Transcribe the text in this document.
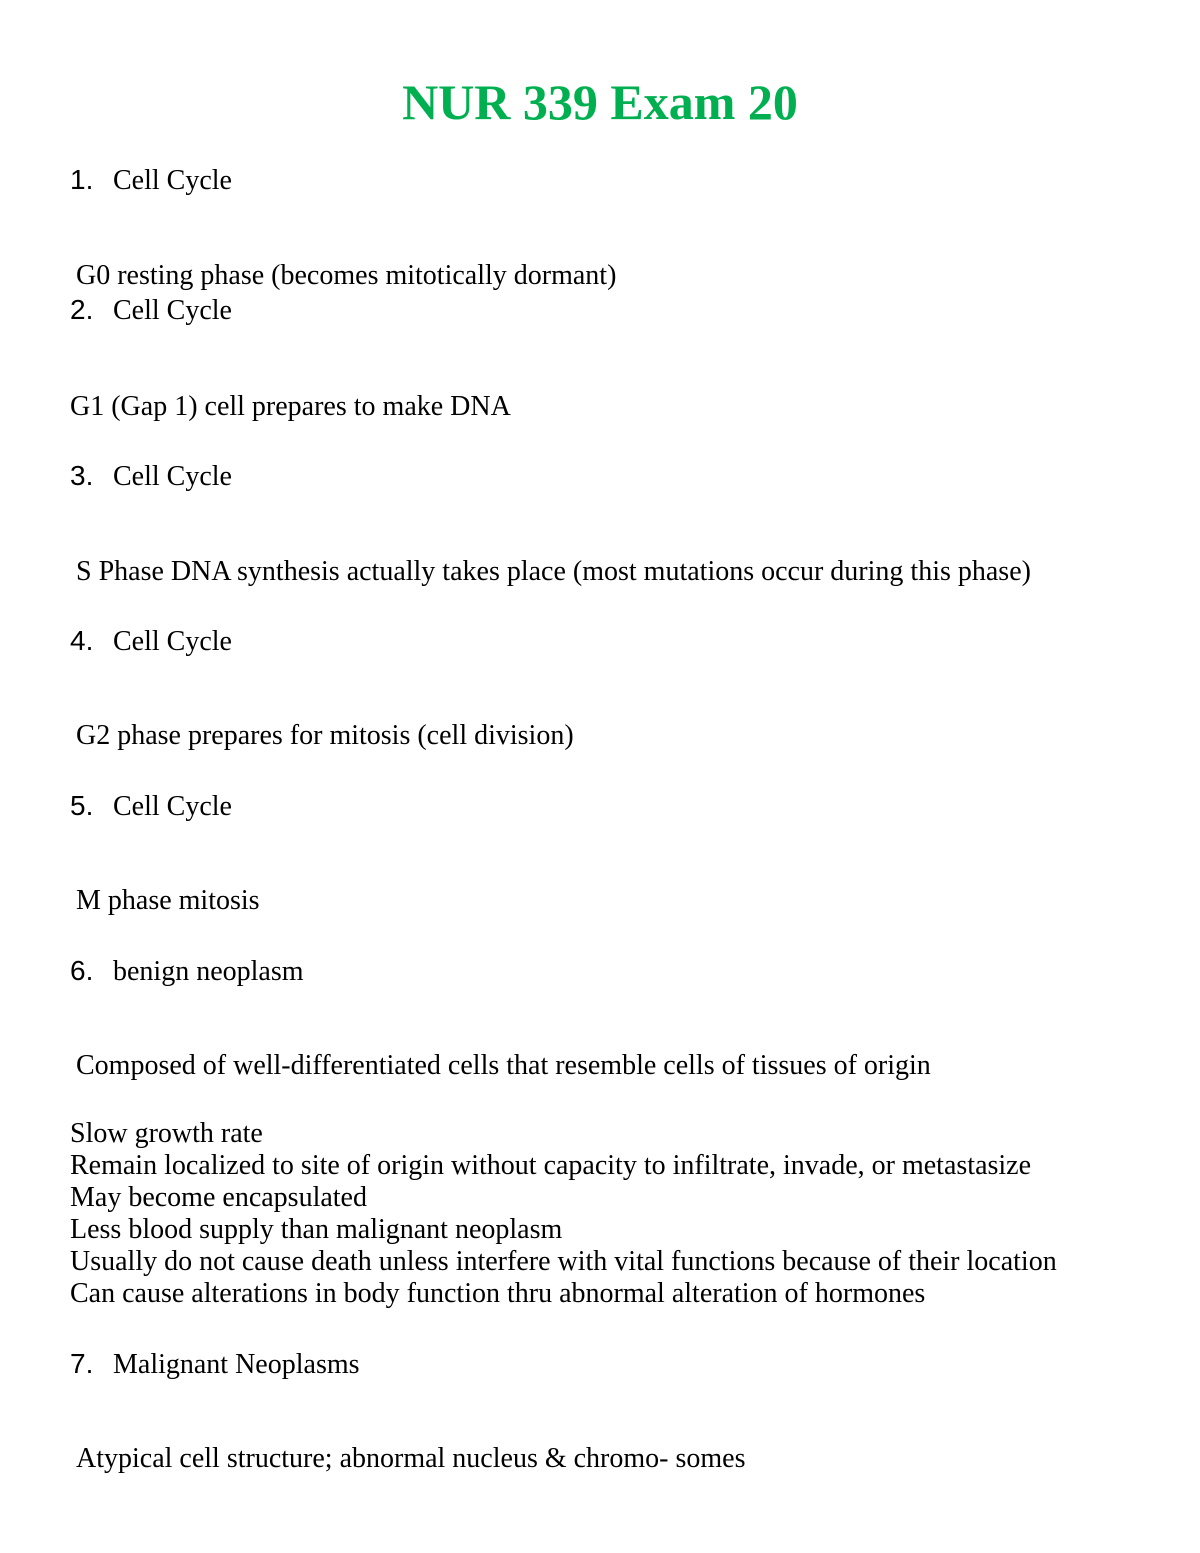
NUR 339 Exam 20
1. Cell Cycle
G0 resting phase (becomes mitotically dormant)
2. Cell Cycle
G1 (Gap 1) cell prepares to make DNA
3. Cell Cycle
S Phase DNA synthesis actually takes place (most mutations occur during this phase)
4. Cell Cycle
G2 phase prepares for mitosis (cell division)
5. Cell Cycle
M phase mitosis
6. benign neoplasm
Composed of well-differentiated cells that resemble cells of tissues of origin
Slow growth rate
Remain localized to site of origin without capacity to infiltrate, invade, or metastasize May become encapsulated
Less blood supply than malignant neoplasm
Usually do not cause death unless interfere with vital functions because of their location
Can cause alterations in body function thru abnormal alteration of hormones
7. Malignant Neoplasms
Atypical cell structure; abnormal nucleus & chromo- somes
